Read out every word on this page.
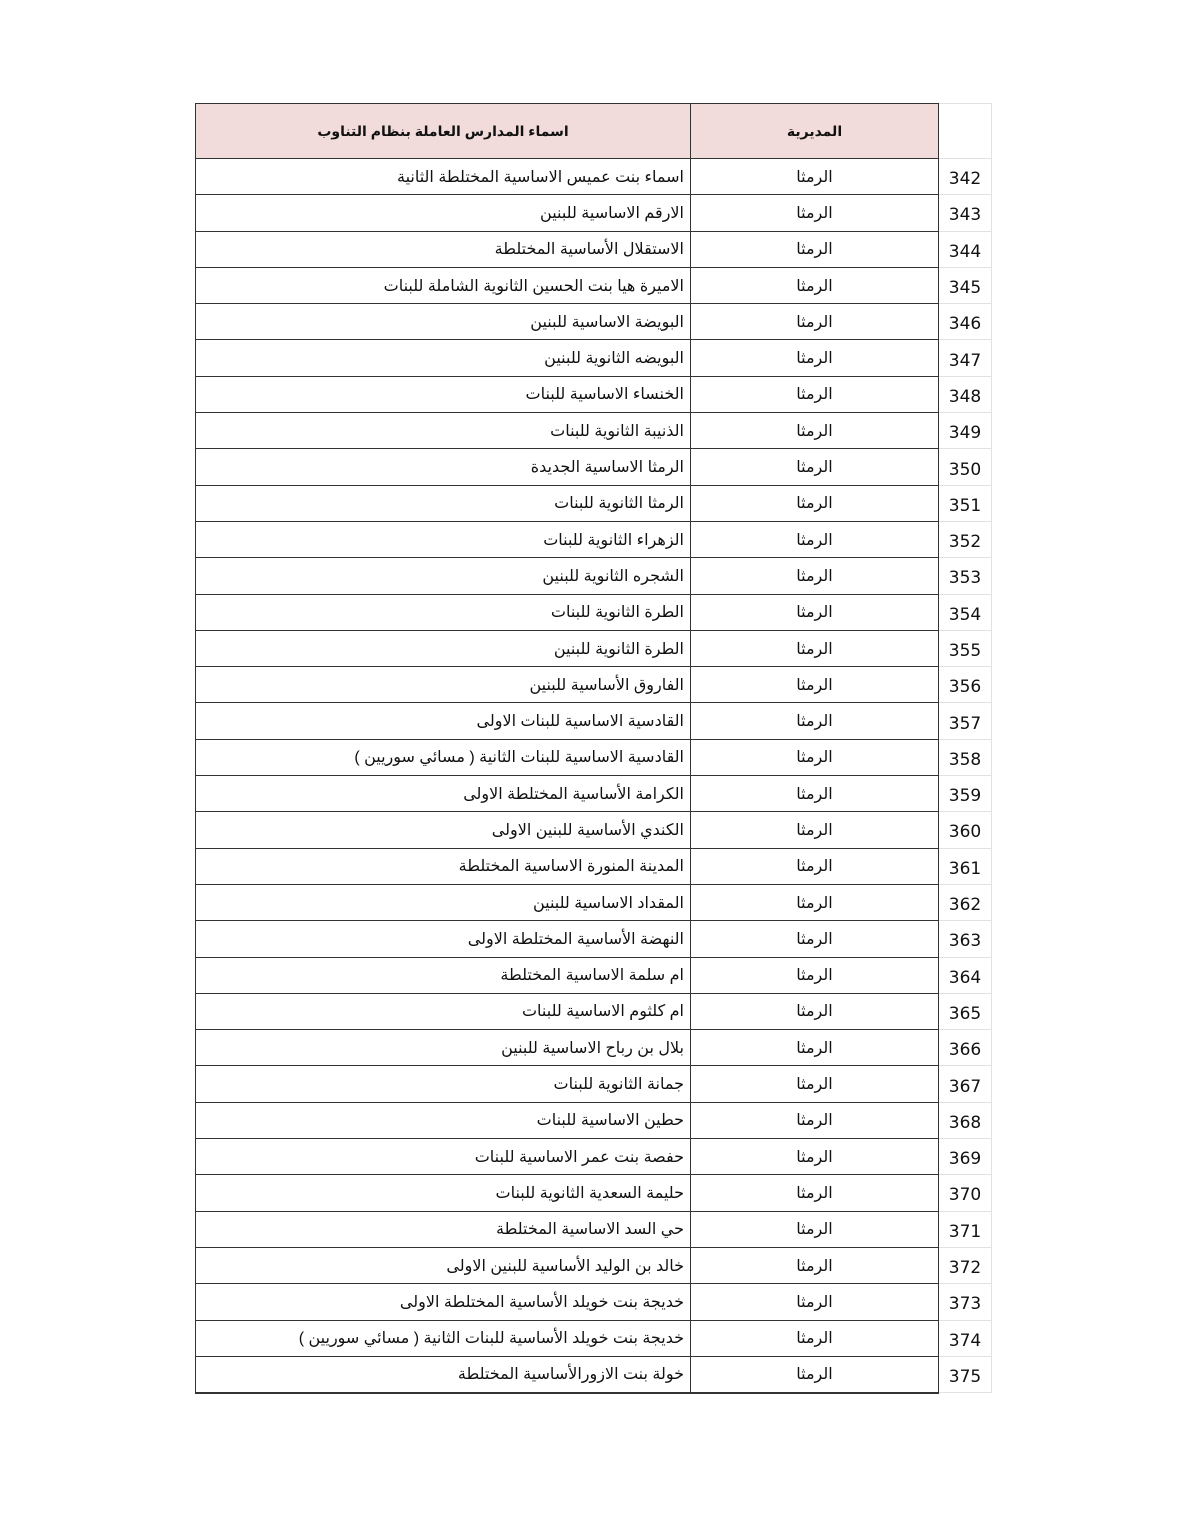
اسماء المدارس العاملة بنظام التناوب	المديرية	
اسماء بنت عميس الاساسية المختلطة الثانية	الرمثا	342
الارقم الاساسية للبنين	الرمثا	343
الاستقلال الأساسية المختلطة	الرمثا	344
الاميرة هيا بنت الحسين الثانوية الشاملة للبنات	الرمثا	345
البويضة الاساسية للبنين	الرمثا	346
البويضه الثانوية للبنين	الرمثا	347
الخنساء الاساسية للبنات	الرمثا	348
الذنيبة الثانوية للبنات	الرمثا	349
الرمثا الاساسية الجديدة	الرمثا	350
الرمثا الثانوية للبنات	الرمثا	351
الزهراء الثانوية للبنات	الرمثا	352
الشجره الثانوية للبنين	الرمثا	353
الطرة الثانوية للبنات	الرمثا	354
الطرة الثانوية للبنين	الرمثا	355
الفاروق الأساسية للبنين	الرمثا	356
القادسية الاساسية للبنات الاولى	الرمثا	357
القادسية الاساسية للبنات الثانية ( مسائي سوريين )	الرمثا	358
الكرامة الأساسية المختلطة الاولى	الرمثا	359
الكندي الأساسية للبنين الاولى	الرمثا	360
المدينة المنورة الاساسية المختلطة	الرمثا	361
المقداد الاساسية للبنين	الرمثا	362
النهضة الأساسية المختلطة الاولى	الرمثا	363
ام سلمة الاساسية المختلطة	الرمثا	364
ام كلثوم الاساسية للبنات	الرمثا	365
بلال بن رباح الاساسية للبنين	الرمثا	366
جمانة الثانوية للبنات	الرمثا	367
حطين الاساسية للبنات	الرمثا	368
حفصة بنت عمر الاساسية للبنات	الرمثا	369
حليمة السعدية الثانوية للبنات	الرمثا	370
حي السد الاساسية المختلطة	الرمثا	371
خالد بن الوليد الأساسية للبنين الاولى	الرمثا	372
خديجة بنت خويلد الأساسية المختلطة الاولى	الرمثا	373
خديجة بنت خويلد الأساسية للبنات الثانية ( مسائي سوريين )	الرمثا	374
خولة بنت الازورالأساسية المختلطة	الرمثا	375
